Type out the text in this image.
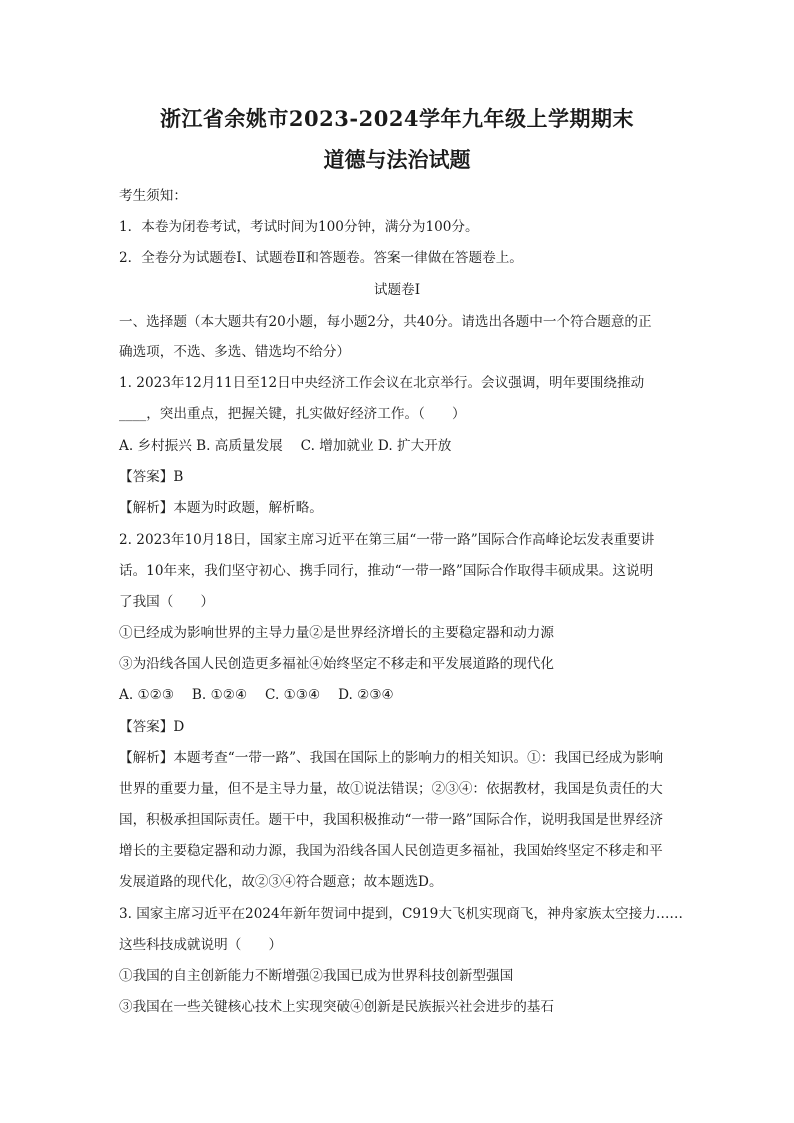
浙江省余姚市2023-2024学年九年级上学期期末
道德与法治试题
考生须知：
1．本卷为闭卷考试，考试时间为100分钟，满分为100分。
2．全卷分为试题卷Ⅰ、试题卷Ⅱ和答题卷。答案一律做在答题卷上。
试题卷Ⅰ
一、选择题（本大题共有20小题，每小题2分，共40分。请选出各题中一个符合题意的正
确选项，不选、多选、错选均不给分）
1. 2023年12月11日至12日中央经济工作会议在北京举行。会议强调，明年要围绕推动
____，突出重点，把握关键，扎实做好经济工作。（　　）
A. 乡村振兴 B. 高质量发展　 C. 增加就业 D. 扩大开放
【答案】B
【解析】本题为时政题，解析略。
2. 2023年10月18日，国家主席习近平在第三届“一带一路”国际合作高峰论坛发表重要讲
话。10年来，我们坚守初心、携手同行，推动“一带一路”国际合作取得丰硕成果。这说明
了我国（　　）
①已经成为影响世界的主导力量②是世界经济增长的主要稳定器和动力源
③为沿线各国人民创造更多福祉④始终坚定不移走和平发展道路的现代化
A. ①②③　 B. ①②④　 C. ①③④　 D. ②③④
【答案】D
【解析】本题考查“一带一路”、我国在国际上的影响力的相关知识。①：我国已经成为影响
世界的重要力量，但不是主导力量，故①说法错误；②③④：依据教材，我国是负责任的大
国，积极承担国际责任。题干中，我国积极推动“一带一路”国际合作，说明我国是世界经济
增长的主要稳定器和动力源，我国为沿线各国人民创造更多福祉，我国始终坚定不移走和平
发展道路的现代化，故②③④符合题意；故本题选D。
3. 国家主席习近平在2024年新年贺词中提到，C919大飞机实现商飞，神舟家族太空接力……
这些科技成就说明（　　）
①我国的自主创新能力不断增强②我国已成为世界科技创新型强国
③我国在一些关键核心技术上实现突破④创新是民族振兴社会进步的基石
